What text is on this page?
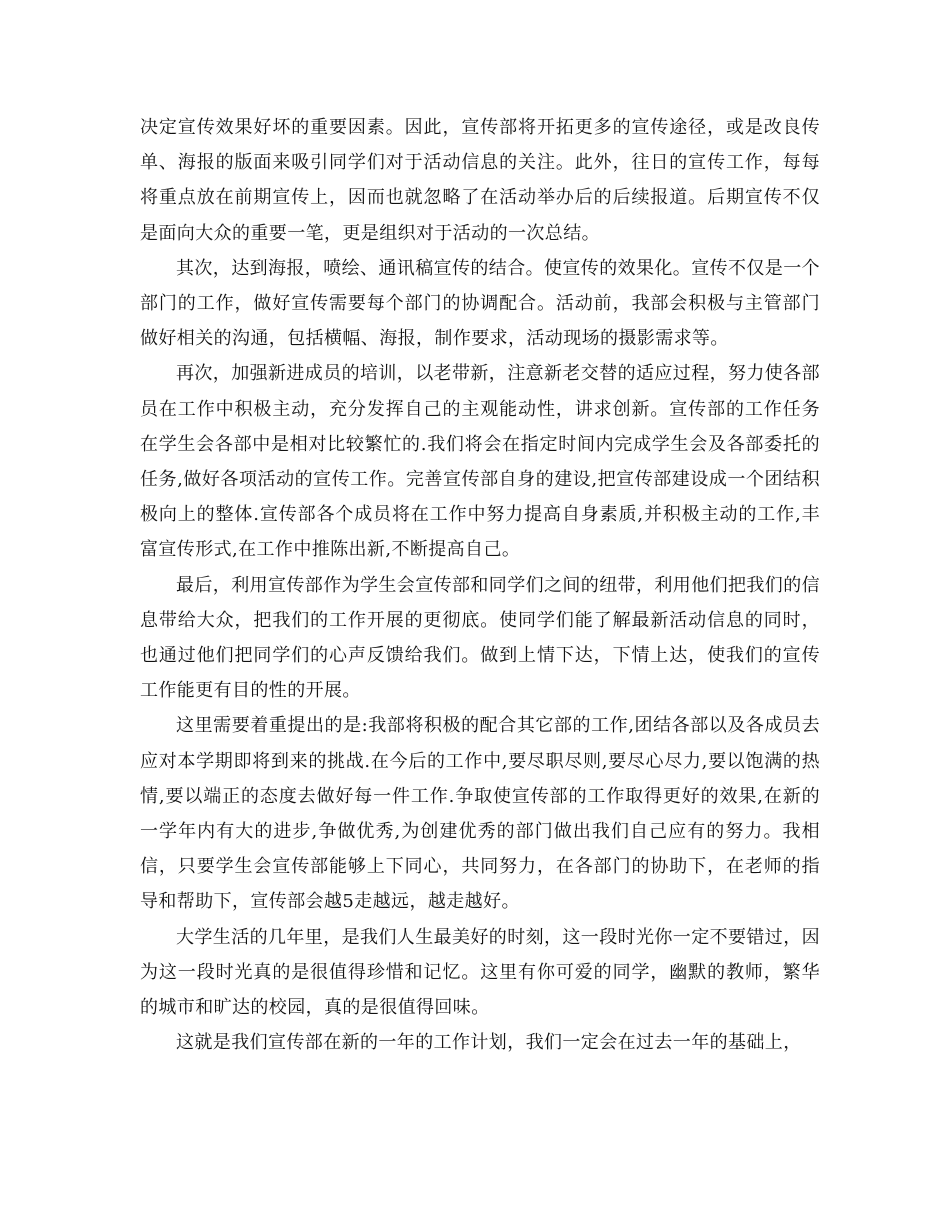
决定宣传效果好坏的重要因素。因此，宣传部将开拓更多的宣传途径，或是改良传单、海报的版面来吸引同学们对于活动信息的关注。此外，往日的宣传工作，每每将重点放在前期宣传上，因而也就忽略了在活动举办后的后续报道。后期宣传不仅是面向大众的重要一笔，更是组织对于活动的一次总结。

其次，达到海报，喷绘、通讯稿宣传的结合。使宣传的效果化。宣传不仅是一个部门的工作，做好宣传需要每个部门的协调配合。活动前，我部会积极与主管部门做好相关的沟通，包括横幅、海报，制作要求，活动现场的摄影需求等。

再次，加强新进成员的培训，以老带新，注意新老交替的适应过程，努力使各部员在工作中积极主动，充分发挥自己的主观能动性，讲求创新。宣传部的工作任务在学生会各部中是相对比较繁忙的.我们将会在指定时间内完成学生会及各部委托的任务,做好各项活动的宣传工作。完善宣传部自身的建设,把宣传部建设成一个团结积极向上的整体.宣传部各个成员将在工作中努力提高自身素质,并积极主动的工作,丰富宣传形式,在工作中推陈出新,不断提高自己。

最后，利用宣传部作为学生会宣传部和同学们之间的纽带，利用他们把我们的信息带给大众，把我们的工作开展的更彻底。使同学们能了解最新活动信息的同时，也通过他们把同学们的心声反馈给我们。做到上情下达，下情上达，使我们的宣传工作能更有目的性的开展。

这里需要着重提出的是:我部将积极的配合其它部的工作,团结各部以及各成员去应对本学期即将到来的挑战.在今后的工作中,要尽职尽则,要尽心尽力,要以饱满的热情,要以端正的态度去做好每一件工作.争取使宣传部的工作取得更好的效果,在新的一学年内有大的进步,争做优秀,为创建优秀的部门做出我们自己应有的努力。我相信，只要学生会宣传部能够上下同心，共同努力，在各部门的协助下，在老师的指导和帮助下，宣传部会越5走越远，越走越好。

大学生活的几年里，是我们人生最美好的时刻，这一段时光你一定不要错过，因为这一段时光真的是很值得珍惜和记忆。这里有你可爱的同学，幽默的教师，繁华的城市和旷达的校园，真的是很值得回味。

这就是我们宣传部在新的一年的工作计划，我们一定会在过去一年的基础上，
